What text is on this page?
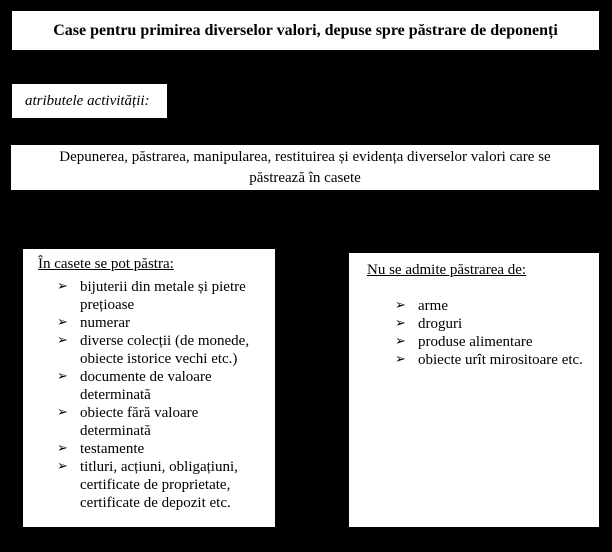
Case pentru primirea diverselor valori, depuse spre păstrare de deponenți
atributele activității:
Depunerea, păstrarea, manipularea, restituirea și evidența diverselor valori care se păstrează în casete
În casete se pot păstra:
➢ bijuterii din metale și pietre prețioase
➢ numerar
➢ diverse colecții (de monede, obiecte istorice vechi etc.)
➢ documente de valoare determinată
➢ obiecte fără valoare determinată
➢ testamente
➢ titluri, acțiuni, obligațiuni, certificate de proprietate, certificate de depozit etc.
Nu se admite păstrarea de:
➢ arme
➢ droguri
➢ produse alimentare
➢ obiecte urît mirositoare etc.
